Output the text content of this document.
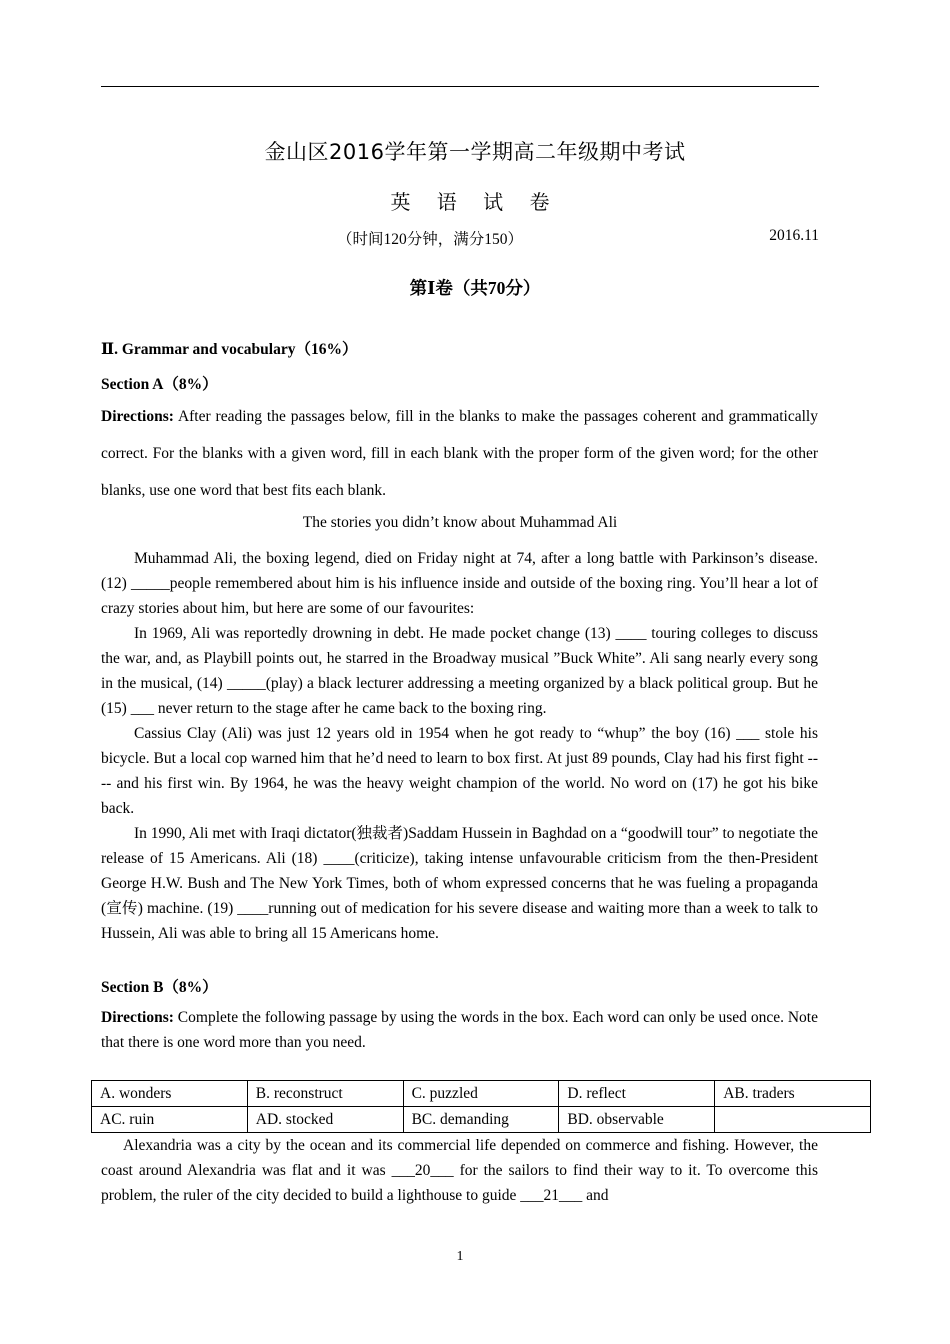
金山区2016学年第一学期高二年级期中考试
英 语 试 卷
（时间120分钟，满分150）	2016.11
第Ⅰ卷（共70分）
Ⅱ. Grammar and vocabulary（16%）
Section A（8%）
Directions: After reading the passages below, fill in the blanks to make the passages coherent and grammatically correct. For the blanks with a given word, fill in each blank with the proper form of the given word; for the other blanks, use one word that best fits each blank.
The stories you didn’t know about Muhammad Ali

Muhammad Ali, the boxing legend, died on Friday night at 74, after a long battle with Parkinson’s disease. (12) _____people remembered about him is his influence inside and outside of the boxing ring. You’ll hear a lot of crazy stories about him, but here are some of our favourites:

In 1969, Ali was reportedly drowning in debt. He made pocket change (13) ____ touring colleges to discuss the war, and, as Playbill points out, he starred in the Broadway musical ”Buck White”. Ali sang nearly every song in the musical, (14) _____(play) a black lecturer addressing a meeting organized by a black political group. But he (15) ___ never return to the stage after he came back to the boxing ring.

Cassius Clay (Ali) was just 12 years old in 1954 when he got ready to “whup” the boy (16) ___ stole his bicycle. But a local cop warned him that he’d need to learn to box first. At just 89 pounds, Clay had his first fight ---- and his first win. By 1964, he was the heavy weight champion of the world. No word on (17) he got his bike back.

In 1990, Ali met with Iraqi dictator(独裁者)Saddam Hussein in Baghdad on a “goodwill tour” to negotiate the release of 15 Americans. Ali (18) ____(criticize), taking intense unfavourable criticism from the then-President George H.W. Bush and The New York Times, both of whom expressed concerns that he was fueling a propaganda (宣传) machine. (19) ____running out of medication for his severe disease and waiting more than a week to talk to Hussein, Ali was able to bring all 15 Americans home.

Section B（8%）
Directions: Complete the following passage by using the words in the box. Each word can only be used once. Note that there is one word more than you need.
A. wonders	B. reconstruct	C. puzzled	D. reflect	AB. traders
AC. ruin	AD. stocked	BC. demanding	BD. observable	

Alexandria was a city by the ocean and its commercial life depended on commerce and fishing. However, the coast around Alexandria was flat and it was ___20___ for the sailors to find their way to it. To overcome this problem, the ruler of the city decided to build a lighthouse to guide ___21___ and

1
